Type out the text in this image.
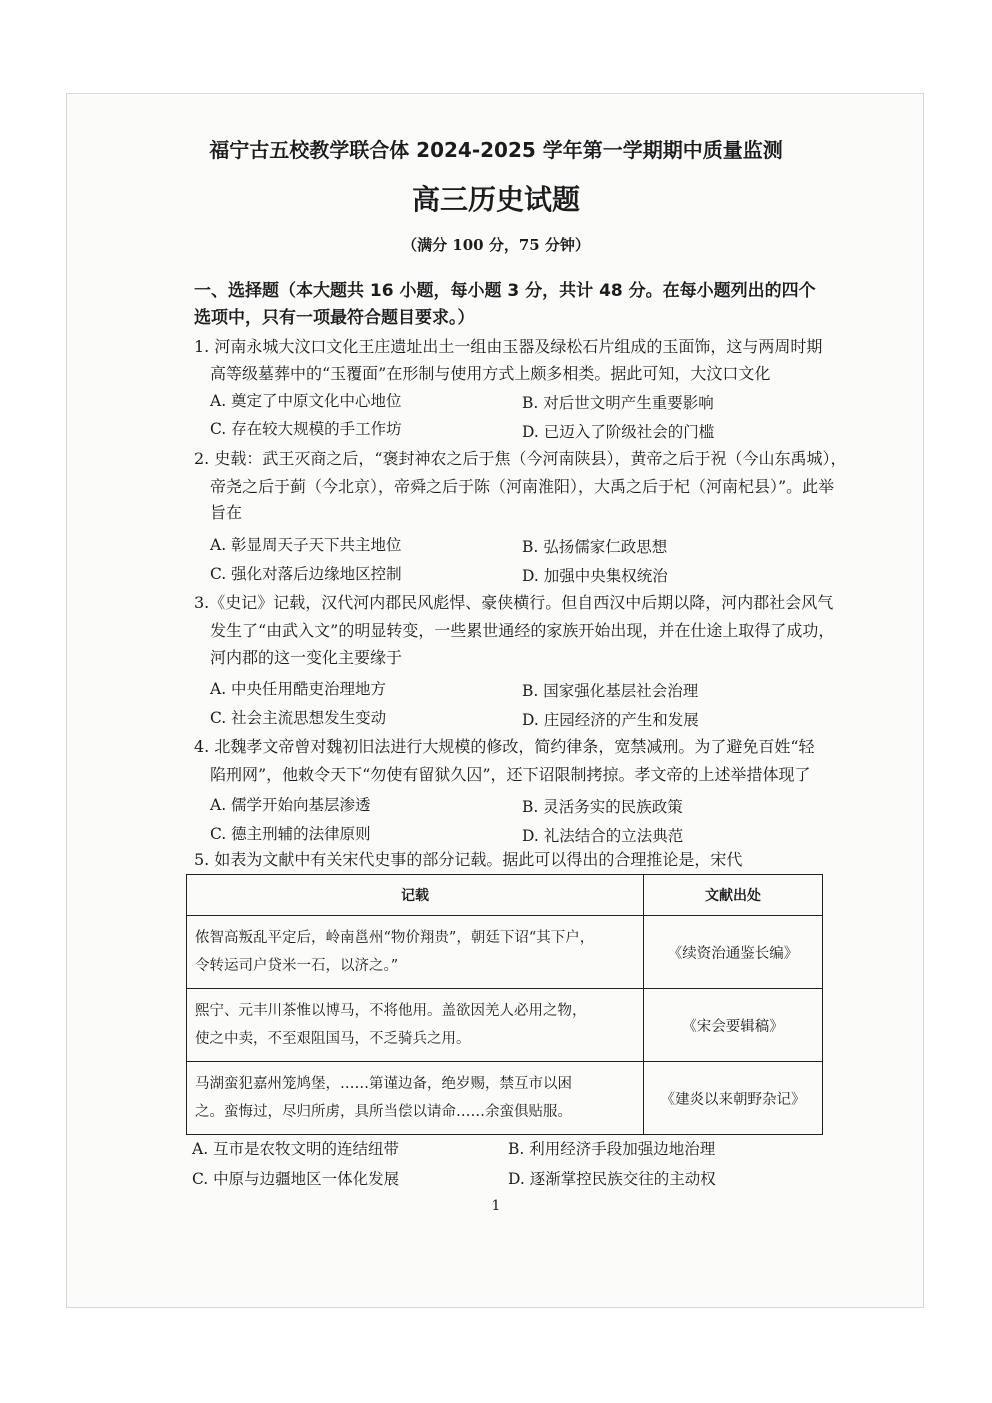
福宁古五校教学联合体 2024-2025 学年第一学期期中质量监测
高三历史试题
（满分 100 分，75 分钟）
一、选择题（本大题共 16 小题，每小题 3 分，共计 48 分。在每小题列出的四个
选项中，只有一项最符合题目要求。）
1. 河南永城大汶口文化王庄遗址出土一组由玉器及绿松石片组成的玉面饰，这与两周时期
高等级墓葬中的“玉覆面”在形制与使用方式上颇多相类。据此可知，大汶口文化
A. 奠定了中原文化中心地位	B. 对后世文明产生重要影响
C. 存在较大规模的手工作坊	D. 已迈入了阶级社会的门槛
2. 史载：武王灭商之后，“褒封神农之后于焦（今河南陕县），黄帝之后于祝（今山东禹城），
帝尧之后于蓟（今北京），帝舜之后于陈（河南淮阳），大禹之后于杞（河南杞县）”。此举
旨在
A. 彰显周天子天下共主地位	B. 弘扬儒家仁政思想
C. 强化对落后边缘地区控制	D. 加强中央集权统治
3.《史记》记载，汉代河内郡民风彪悍、豪侠横行。但自西汉中后期以降，河内郡社会风气
发生了“由武入文”的明显转变，一些累世通经的家族开始出现，并在仕途上取得了成功，
河内郡的这一变化主要缘于
A. 中央任用酷吏治理地方	B. 国家强化基层社会治理
C. 社会主流思想发生变动	D. 庄园经济的产生和发展
4. 北魏孝文帝曾对魏初旧法进行大规模的修改，简约律条，宽禁减刑。为了避免百姓“轻
陷刑网”，他敕令天下“勿使有留狱久囚”，还下诏限制拷掠。孝文帝的上述举措体现了
A. 儒学开始向基层渗透	B. 灵活务实的民族政策
C. 德主刑辅的法律原则	D. 礼法结合的立法典范
5. 如表为文献中有关宋代史事的部分记载。据此可以得出的合理推论是，宋代
记载	文献出处

侬智高叛乱平定后，岭南邕州“物价翔贵”，朝廷下诏“其下户，
令转运司户贷米一石，以济之。”	《续资治通鉴长编》

熙宁、元丰川茶惟以博马，不将他用。盖欲因羌人必用之物，
使之中卖，不至艰阻国马，不乏骑兵之用。	《宋会要辑稿》

马湖蛮犯嘉州笼鸠堡，……第谨边备，绝岁赐，禁互市以困
之。蛮悔过，尽归所虏，具所当偿以请命……余蛮俱贴服。	《建炎以来朝野杂记》
A. 互市是农牧文明的连结纽带	B. 利用经济手段加强边地治理
C. 中原与边疆地区一体化发展	D. 逐渐掌控民族交往的主动权
1
